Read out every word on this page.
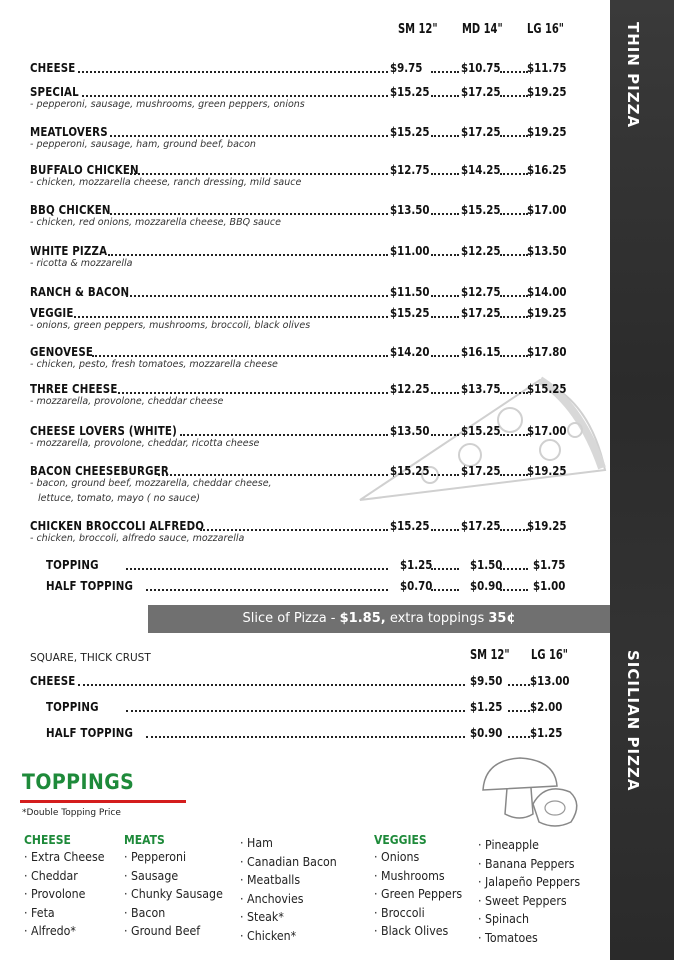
THIN PIZZA
SICILIAN PIZZA
SM 12" MD 14" LG 16"
CHEESE	$9.75	$10.75 $11.75
SPECIAL	$15.25	$17.25 $19.25
- pepperoni, sausage, mushrooms, green peppers, onions
MEATLOVERS	$15.25	$17.25 $19.25
- pepperoni, sausage, ham, ground beef, bacon
BUFFALO CHICKEN	$12.75	$14.25 $16.25
- chicken, mozzarella cheese, ranch dressing, mild sauce
BBQ CHICKEN	$13.50	$15.25 $17.00
- chicken, red onions, mozzarella cheese, BBQ sauce
WHITE PIZZA	$11.00	$12.25 $13.50
- ricotta & mozzarella
RANCH & BACON	$11.50	$12.75 $14.00
VEGGIE	$15.25	$17.25 $19.25
- onions, green peppers, mushrooms, broccoli, black olives
GENOVESE	$14.20	$16.15 $17.80
- chicken, pesto, fresh tomatoes, mozzarella cheese
THREE CHEESE	$12.25	$13.75 $15.25
- mozzarella, provolone, cheddar cheese
CHEESE LOVERS (WHITE)	$13.50	$15.25 $17.00
- mozzarella, provolone, cheddar, ricotta cheese
BACON CHEESEBURGER	$15.25	$17.25 $19.25
- bacon, ground beef, mozzarella, cheddar cheese,
lettuce, tomato, mayo ( no sauce)
CHICKEN BROCCOLI ALFREDO	$15.25	$17.25 $19.25
- chicken, broccoli, alfredo sauce, mozzarella
TOPPING	$1.25	$1.50 $1.75
HALF TOPPING	$0.70	$0.90 $1.00
Slice of Pizza - $1.85, extra toppings 35¢
SQUARE, THICK CRUST	SM 12" LG 16"
CHEESE	$9.50 $13.00
TOPPING	$1.25 $2.00
HALF TOPPING	$0.90 $1.25
TOPPINGS
*Double Topping Price
CHEESE
· Extra Cheese
· Cheddar
· Provolone
· Feta
· Alfredo*
MEATS
· Pepperoni
· Sausage
· Chunky Sausage
· Bacon
· Ground Beef
· Ham
· Canadian Bacon
· Meatballs
· Anchovies
· Steak*
· Chicken*
VEGGIES
· Onions
· Mushrooms
· Green Peppers
· Broccoli
· Black Olives
· Pineapple
· Banana Peppers
· Jalapeño Peppers
· Sweet Peppers
· Spinach
· Tomatoes
